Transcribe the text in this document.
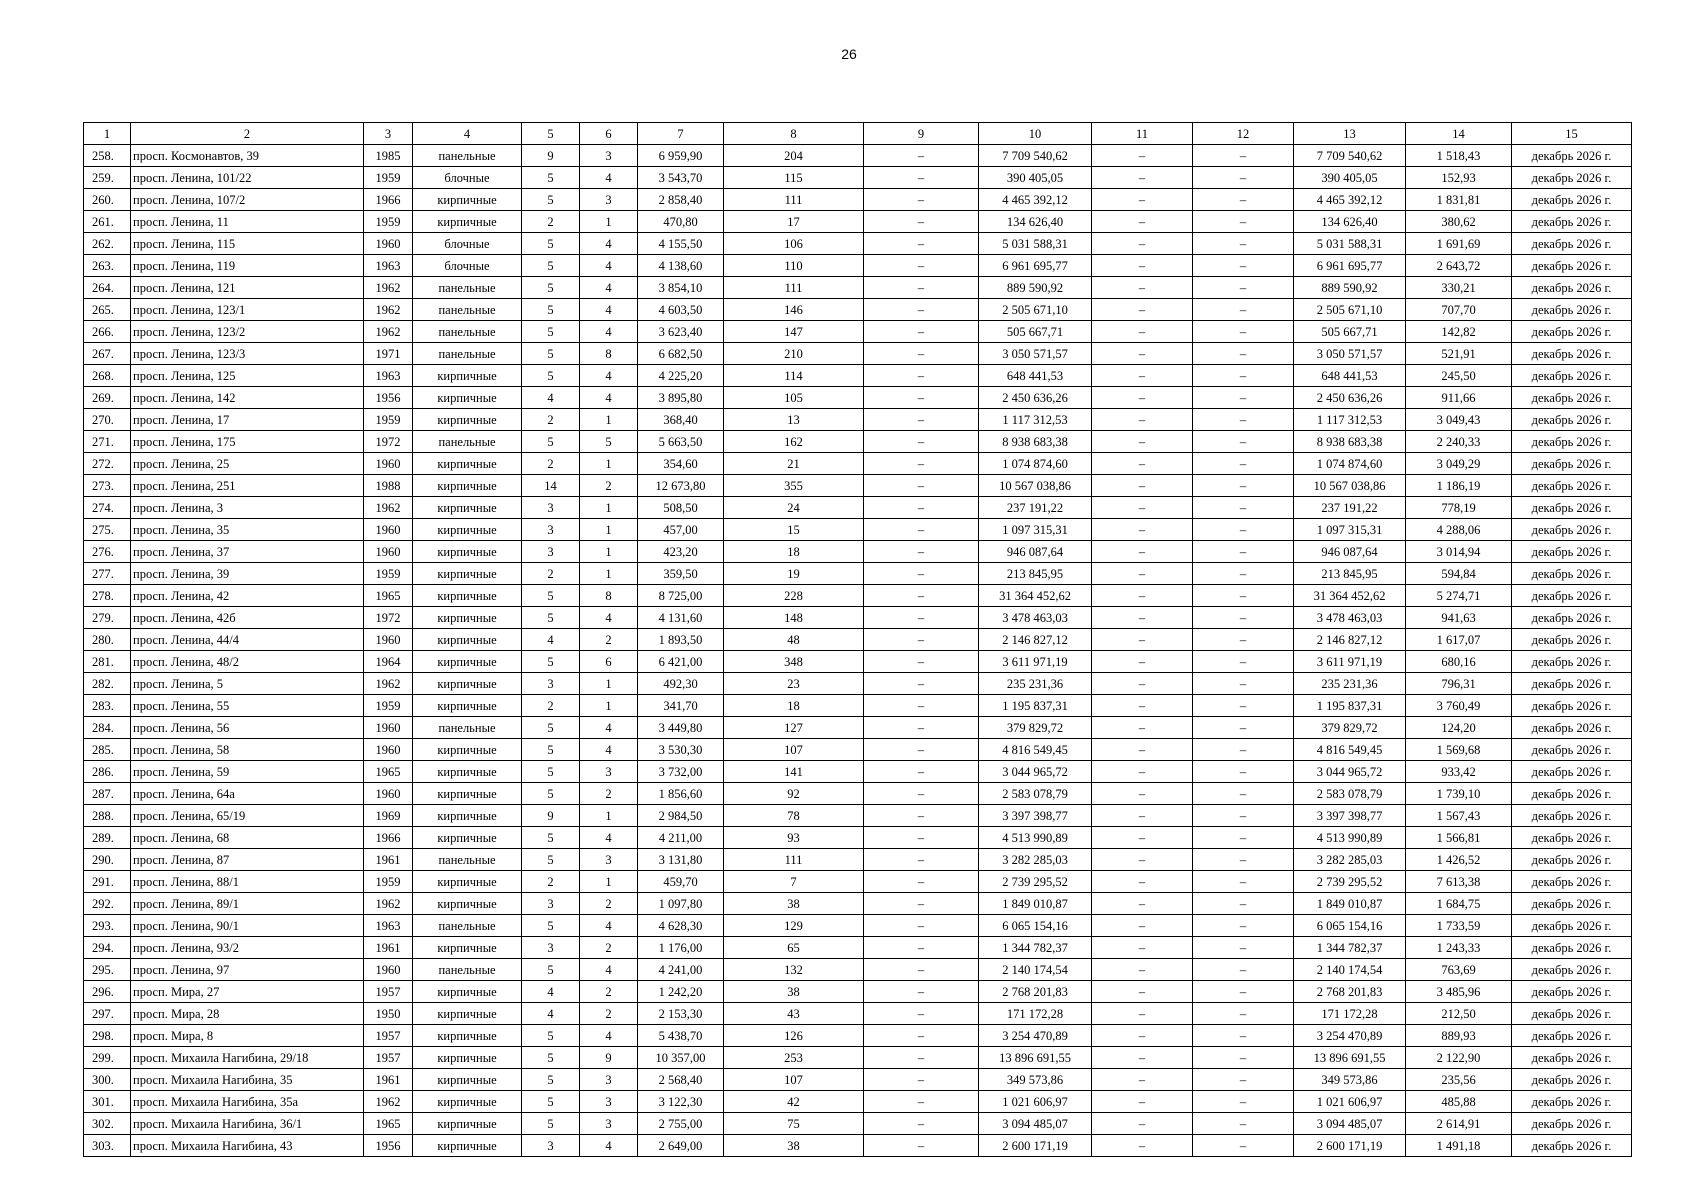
26
1	2	3	4	5	6	7	8	9	10	11	12	13	14	15
258.	просп. Космонавтов, 39	1985	панельные	9	3	6 959,90	204	–	7 709 540,62	–	–	7 709 540,62	1 518,43	декабрь 2026 г.
259.	просп. Ленина, 101/22	1959	блочные	5	4	3 543,70	115	–	390 405,05	–	–	390 405,05	152,93	декабрь 2026 г.
260.	просп. Ленина, 107/2	1966	кирпичные	5	3	2 858,40	111	–	4 465 392,12	–	–	4 465 392,12	1 831,81	декабрь 2026 г.
261.	просп. Ленина, 11	1959	кирпичные	2	1	470,80	17	–	134 626,40	–	–	134 626,40	380,62	декабрь 2026 г.
262.	просп. Ленина, 115	1960	блочные	5	4	4 155,50	106	–	5 031 588,31	–	–	5 031 588,31	1 691,69	декабрь 2026 г.
263.	просп. Ленина, 119	1963	блочные	5	4	4 138,60	110	–	6 961 695,77	–	–	6 961 695,77	2 643,72	декабрь 2026 г.
264.	просп. Ленина, 121	1962	панельные	5	4	3 854,10	111	–	889 590,92	–	–	889 590,92	330,21	декабрь 2026 г.
265.	просп. Ленина, 123/1	1962	панельные	5	4	4 603,50	146	–	2 505 671,10	–	–	2 505 671,10	707,70	декабрь 2026 г.
266.	просп. Ленина, 123/2	1962	панельные	5	4	3 623,40	147	–	505 667,71	–	–	505 667,71	142,82	декабрь 2026 г.
267.	просп. Ленина, 123/3	1971	панельные	5	8	6 682,50	210	–	3 050 571,57	–	–	3 050 571,57	521,91	декабрь 2026 г.
268.	просп. Ленина, 125	1963	кирпичные	5	4	4 225,20	114	–	648 441,53	–	–	648 441,53	245,50	декабрь 2026 г.
269.	просп. Ленина, 142	1956	кирпичные	4	4	3 895,80	105	–	2 450 636,26	–	–	2 450 636,26	911,66	декабрь 2026 г.
270.	просп. Ленина, 17	1959	кирпичные	2	1	368,40	13	–	1 117 312,53	–	–	1 117 312,53	3 049,43	декабрь 2026 г.
271.	просп. Ленина, 175	1972	панельные	5	5	5 663,50	162	–	8 938 683,38	–	–	8 938 683,38	2 240,33	декабрь 2026 г.
272.	просп. Ленина, 25	1960	кирпичные	2	1	354,60	21	–	1 074 874,60	–	–	1 074 874,60	3 049,29	декабрь 2026 г.
273.	просп. Ленина, 251	1988	кирпичные	14	2	12 673,80	355	–	10 567 038,86	–	–	10 567 038,86	1 186,19	декабрь 2026 г.
274.	просп. Ленина, 3	1962	кирпичные	3	1	508,50	24	–	237 191,22	–	–	237 191,22	778,19	декабрь 2026 г.
275.	просп. Ленина, 35	1960	кирпичные	3	1	457,00	15	–	1 097 315,31	–	–	1 097 315,31	4 288,06	декабрь 2026 г.
276.	просп. Ленина, 37	1960	кирпичные	3	1	423,20	18	–	946 087,64	–	–	946 087,64	3 014,94	декабрь 2026 г.
277.	просп. Ленина, 39	1959	кирпичные	2	1	359,50	19	–	213 845,95	–	–	213 845,95	594,84	декабрь 2026 г.
278.	просп. Ленина, 42	1965	кирпичные	5	8	8 725,00	228	–	31 364 452,62	–	–	31 364 452,62	5 274,71	декабрь 2026 г.
279.	просп. Ленина, 42б	1972	кирпичные	5	4	4 131,60	148	–	3 478 463,03	–	–	3 478 463,03	941,63	декабрь 2026 г.
280.	просп. Ленина, 44/4	1960	кирпичные	4	2	1 893,50	48	–	2 146 827,12	–	–	2 146 827,12	1 617,07	декабрь 2026 г.
281.	просп. Ленина, 48/2	1964	кирпичные	5	6	6 421,00	348	–	3 611 971,19	–	–	3 611 971,19	680,16	декабрь 2026 г.
282.	просп. Ленина, 5	1962	кирпичные	3	1	492,30	23	–	235 231,36	–	–	235 231,36	796,31	декабрь 2026 г.
283.	просп. Ленина, 55	1959	кирпичные	2	1	341,70	18	–	1 195 837,31	–	–	1 195 837,31	3 760,49	декабрь 2026 г.
284.	просп. Ленина, 56	1960	панельные	5	4	3 449,80	127	–	379 829,72	–	–	379 829,72	124,20	декабрь 2026 г.
285.	просп. Ленина, 58	1960	кирпичные	5	4	3 530,30	107	–	4 816 549,45	–	–	4 816 549,45	1 569,68	декабрь 2026 г.
286.	просп. Ленина, 59	1965	кирпичные	5	3	3 732,00	141	–	3 044 965,72	–	–	3 044 965,72	933,42	декабрь 2026 г.
287.	просп. Ленина, 64а	1960	кирпичные	5	2	1 856,60	92	–	2 583 078,79	–	–	2 583 078,79	1 739,10	декабрь 2026 г.
288.	просп. Ленина, 65/19	1969	кирпичные	9	1	2 984,50	78	–	3 397 398,77	–	–	3 397 398,77	1 567,43	декабрь 2026 г.
289.	просп. Ленина, 68	1966	кирпичные	5	4	4 211,00	93	–	4 513 990,89	–	–	4 513 990,89	1 566,81	декабрь 2026 г.
290.	просп. Ленина, 87	1961	панельные	5	3	3 131,80	111	–	3 282 285,03	–	–	3 282 285,03	1 426,52	декабрь 2026 г.
291.	просп. Ленина, 88/1	1959	кирпичные	2	1	459,70	7	–	2 739 295,52	–	–	2 739 295,52	7 613,38	декабрь 2026 г.
292.	просп. Ленина, 89/1	1962	кирпичные	3	2	1 097,80	38	–	1 849 010,87	–	–	1 849 010,87	1 684,75	декабрь 2026 г.
293.	просп. Ленина, 90/1	1963	панельные	5	4	4 628,30	129	–	6 065 154,16	–	–	6 065 154,16	1 733,59	декабрь 2026 г.
294.	просп. Ленина, 93/2	1961	кирпичные	3	2	1 176,00	65	–	1 344 782,37	–	–	1 344 782,37	1 243,33	декабрь 2026 г.
295.	просп. Ленина, 97	1960	панельные	5	4	4 241,00	132	–	2 140 174,54	–	–	2 140 174,54	763,69	декабрь 2026 г.
296.	просп. Мира, 27	1957	кирпичные	4	2	1 242,20	38	–	2 768 201,83	–	–	2 768 201,83	3 485,96	декабрь 2026 г.
297.	просп. Мира, 28	1950	кирпичные	4	2	2 153,30	43	–	171 172,28	–	–	171 172,28	212,50	декабрь 2026 г.
298.	просп. Мира, 8	1957	кирпичные	5	4	5 438,70	126	–	3 254 470,89	–	–	3 254 470,89	889,93	декабрь 2026 г.
299.	просп. Михаила Нагибина, 29/18	1957	кирпичные	5	9	10 357,00	253	–	13 896 691,55	–	–	13 896 691,55	2 122,90	декабрь 2026 г.
300.	просп. Михаила Нагибина, 35	1961	кирпичные	5	3	2 568,40	107	–	349 573,86	–	–	349 573,86	235,56	декабрь 2026 г.
301.	просп. Михаила Нагибина, 35а	1962	кирпичные	5	3	3 122,30	42	–	1 021 606,97	–	–	1 021 606,97	485,88	декабрь 2026 г.
302.	просп. Михаила Нагибина, 36/1	1965	кирпичные	5	3	2 755,00	75	–	3 094 485,07	–	–	3 094 485,07	2 614,91	декабрь 2026 г.
303.	просп. Михаила Нагибина, 43	1956	кирпичные	3	4	2 649,00	38	–	2 600 171,19	–	–	2 600 171,19	1 491,18	декабрь 2026 г.
